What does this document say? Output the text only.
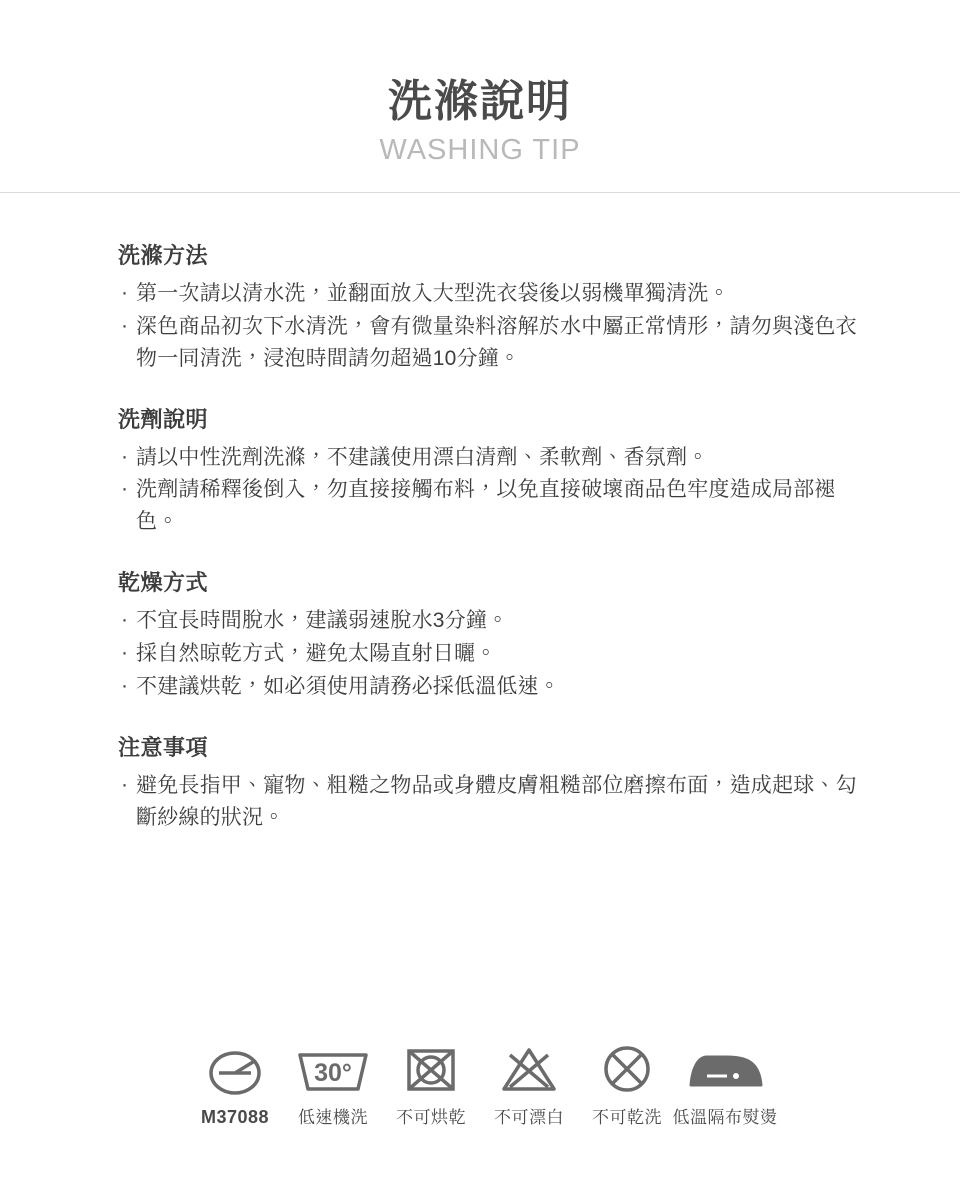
洗滌說明
WASHING TIP
洗滌方法
· 第一次請以清水洗，並翻面放入大型洗衣袋後以弱機單獨清洗。
· 深色商品初次下水清洗，會有微量染料溶解於水中屬正常情形，請勿與淺色衣物一同清洗，浸泡時間請勿超過10分鐘。
洗劑說明
· 請以中性洗劑洗滌，不建議使用漂白清劑、柔軟劑、香氛劑。
· 洗劑請稀釋後倒入，勿直接接觸布料，以免直接破壞商品色牢度造成局部褪色。
乾燥方式
· 不宜長時間脫水，建議弱速脫水3分鐘。
· 採自然晾乾方式，避免太陽直射日曬。
· 不建議烘乾，如必須使用請務必採低溫低速。
注意事項
· 避免長指甲、寵物、粗糙之物品或身體皮膚粗糙部位磨擦布面，造成起球、勾斷紗線的狀況。
M37088
30°
低速機洗 不可烘乾 不可漂白 不可乾洗 低溫隔布熨燙
